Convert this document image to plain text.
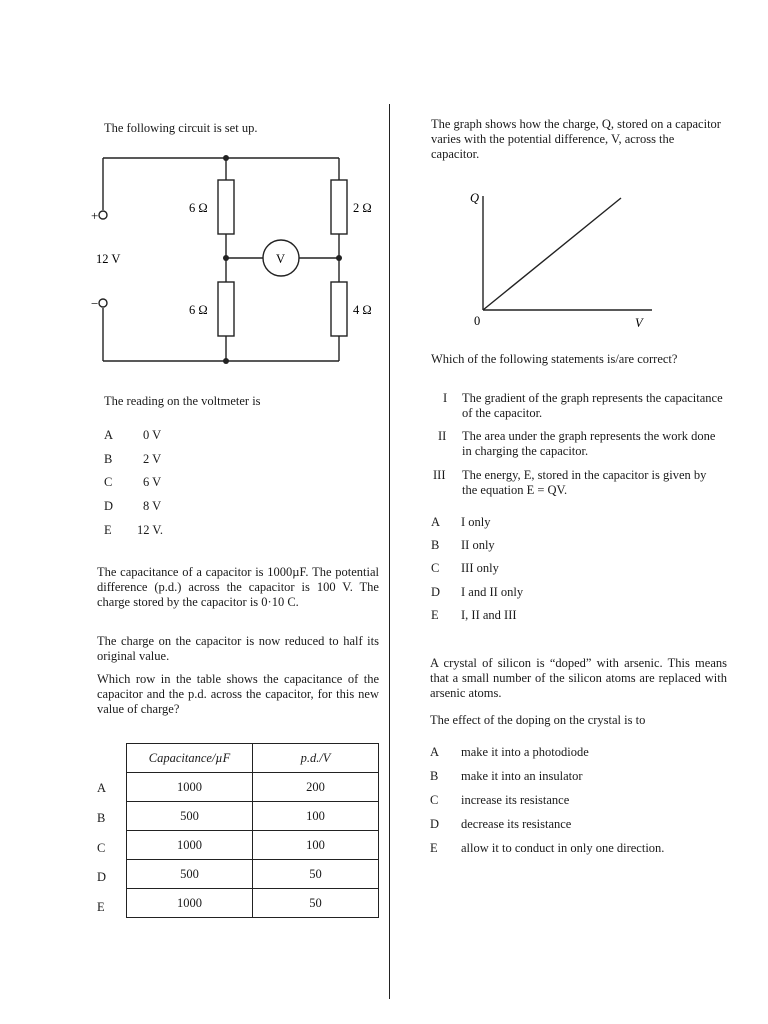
The following circuit is set up.
+
−
12 V
6 Ω	2 Ω
6 Ω	4 Ω
V
The reading on the voltmeter is
A 0 V
B 2 V
C 6 V
D 8 V
E 12 V.
The capacitance of a capacitor is 1000µF. The potential difference (p.d.) across the capacitor is 100 V. The charge stored by the capacitor is 0·10 C.
The charge on the capacitor is now reduced to half its original value.
Which row in the table shows the capacitance of the capacitor and the p.d. across the capacitor, for this new value of charge?
Capacitance/µF	p.d./V
1000	200
500	100
1000	100
500	50
1000	50
A
B
C
D
E
The graph shows how the charge, Q, stored on a capacitor varies with the potential difference, V, across the capacitor.
Q
0	V
Which of the following statements is/are correct?
I The gradient of the graph represents the capacitance of the capacitor.
II The area under the graph represents the work done in charging the capacitor.
III The energy, E, stored in the capacitor is given by the equation E = QV.
A I only
B II only
C III only
D I and II only
E I, II and III
A crystal of silicon is “doped” with arsenic. This means that a small number of the silicon atoms are replaced with arsenic atoms.
The effect of the doping on the crystal is to
A make it into a photodiode
B make it into an insulator
C increase its resistance
D decrease its resistance
E allow it to conduct in only one direction.
